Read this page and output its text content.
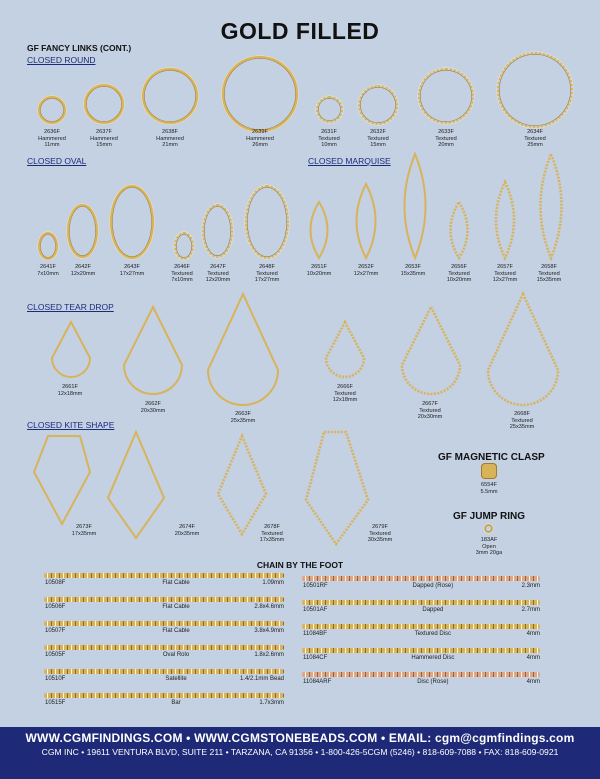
GOLD FILLED
GF FANCY LINKS (CONT.)
CLOSED ROUND
2636F
Hammered
11mm
2637F
Hammered
15mm
2638F
Hammered
21mm
2639F
Hammered
26mm
2631F
Textured
10mm
2632F
Textured
15mm
2633F
Textured
20mm
2634F
Textured
25mm
CLOSED OVAL	CLOSED MARQUISE
2641F
7x10mm
2642F
12x20mm
2643F
17x27mm
2646F
Textured
7x10mm
2647F
Textured
12x20mm
2648F
Textured
17x27mm
2651F
10x20mm
2652F
12x27mm
2653F
15x35mm
2656F
Textured
10x20mm
2657F
Textured
12x27mm
2658F
Textured
15x35mm
CLOSED TEAR DROP
2661F
12x18mm
2662F
20x30mm
2663F
25x35mm
2666F
Textured
12x18mm
2667F
Textured
20x30mm
2668F
Textured
25x35mm
CLOSED KITE SHAPE
2673F
17x35mm
2674F
20x35mm
2678F
Textured
17x35mm
2679F
Textured
30x35mm
GF MAGNETIC CLASP
6554F
5.5mm
GF JUMP RING
183AF
Open
3mm 20ga
CHAIN BY THE FOOT
10508F	Flat Cable	1.09mm
10506F	Flat Cable	2.8x4.6mm
10507F	Flat Cable	3.8x4.9mm
10505F	Oval Rolo	1.8x2.6mm
10510F	Satellite	1.4/2.1mm Bead
10515F	Bar	1.7x3mm
10501RF	Dapped (Rose)	2.3mm
10501AF	Dapped	2.7mm
11084BF	Textured Disc	4mm
11084CF	Hammered Disc	4mm
11084ARF	Disc (Rose)	4mm
WWW.CGMFINDINGS.COM • WWW.CGMSTONEBEADS.COM • EMAIL: cgm@cgmfindings.com
CGM INC • 19611 VENTURA BLVD, SUITE 211 • TARZANA, CA 91356 • 1-800-426-5CGM (5246) • 818-609-7088 • FAX: 818-609-0921
